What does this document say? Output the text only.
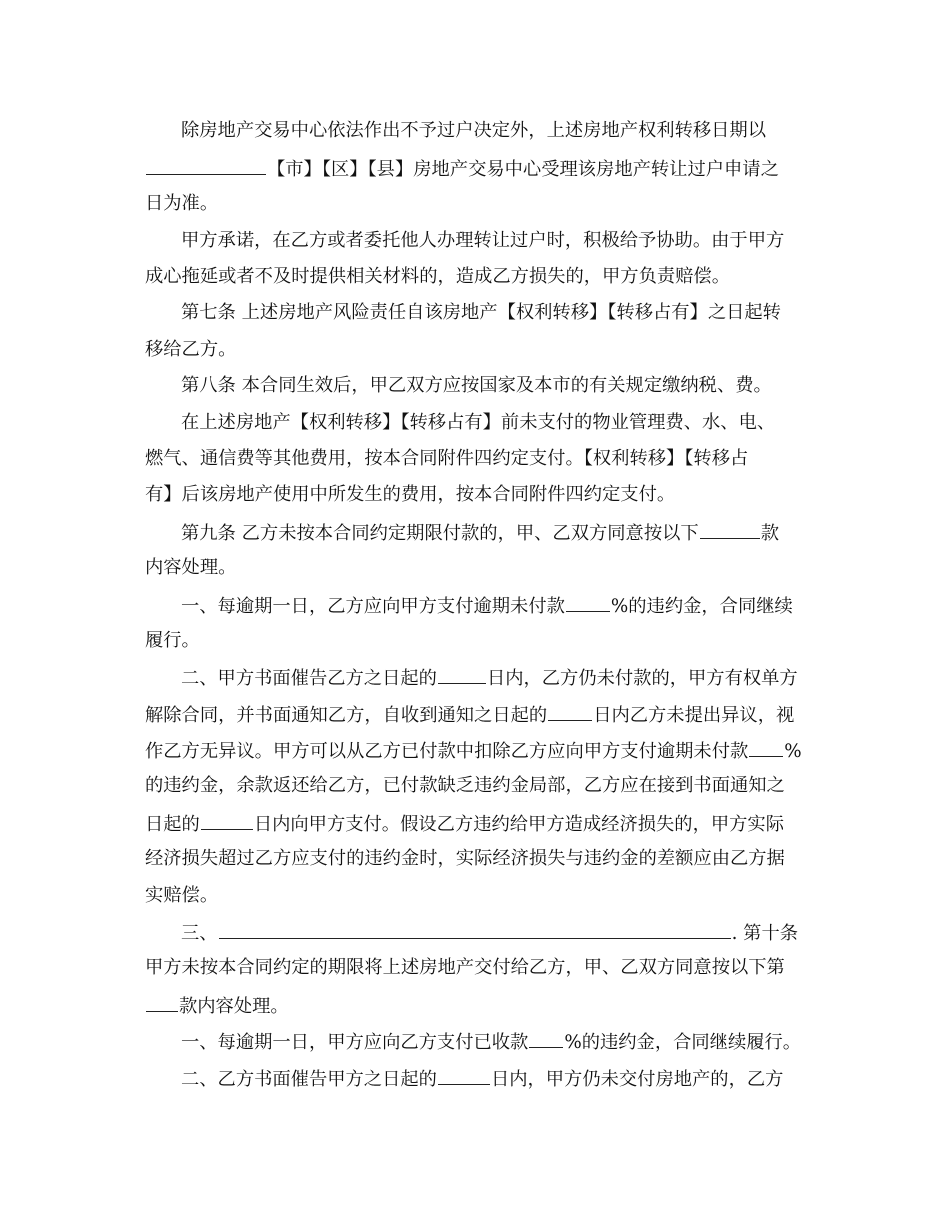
除房地产交易中心依法作出不予过户决定外，上述房地产权利转移日期以
【市】【区】【县】房地产交易中心受理该房地产转让过户申请之
日为准。
甲方承诺，在乙方或者委托他人办理转让过户时，积极给予协助。由于甲方
成心拖延或者不及时提供相关材料的，造成乙方损失的，甲方负责赔偿。
第七条 上述房地产风险责任自该房地产【权利转移】【转移占有】之日起转
移给乙方。
第八条 本合同生效后，甲乙双方应按国家及本市的有关规定缴纳税、费。
在上述房地产【权利转移】【转移占有】前未支付的物业管理费、水、电、
燃气、通信费等其他费用，按本合同附件四约定支付。【权利转移】【转移占
有】后该房地产使用中所发生的费用，按本合同附件四约定支付。
第九条 乙方未按本合同约定期限付款的，甲、乙双方同意按以下	款
内容处理。
一、每逾期一日，乙方应向甲方支付逾期未付款	%的违约金，合同继续
履行。
二、甲方书面催告乙方之日起的	日内，乙方仍未付款的，甲方有权单方
解除合同，并书面通知乙方，自收到通知之日起的	日内乙方未提出异议，视
作乙方无异议。甲方可以从乙方已付款中扣除乙方应向甲方支付逾期未付款 %
的违约金，余款返还给乙方，已付款缺乏违约金局部，乙方应在接到书面通知之
日起的	日内向甲方支付。假设乙方违约给甲方造成经济损失的，甲方实际
经济损失超过乙方应支付的违约金时，实际经济损失与违约金的差额应由乙方据
实赔偿。
三、	. 第十条
甲方未按本合同约定的期限将上述房地产交付给乙方，甲、乙双方同意按以下第
款内容处理。
一、每逾期一日，甲方应向乙方支付已收款 %的违约金，合同继续履行。
二、乙方书面催告甲方之日起的	日内，甲方仍未交付房地产的，乙方
